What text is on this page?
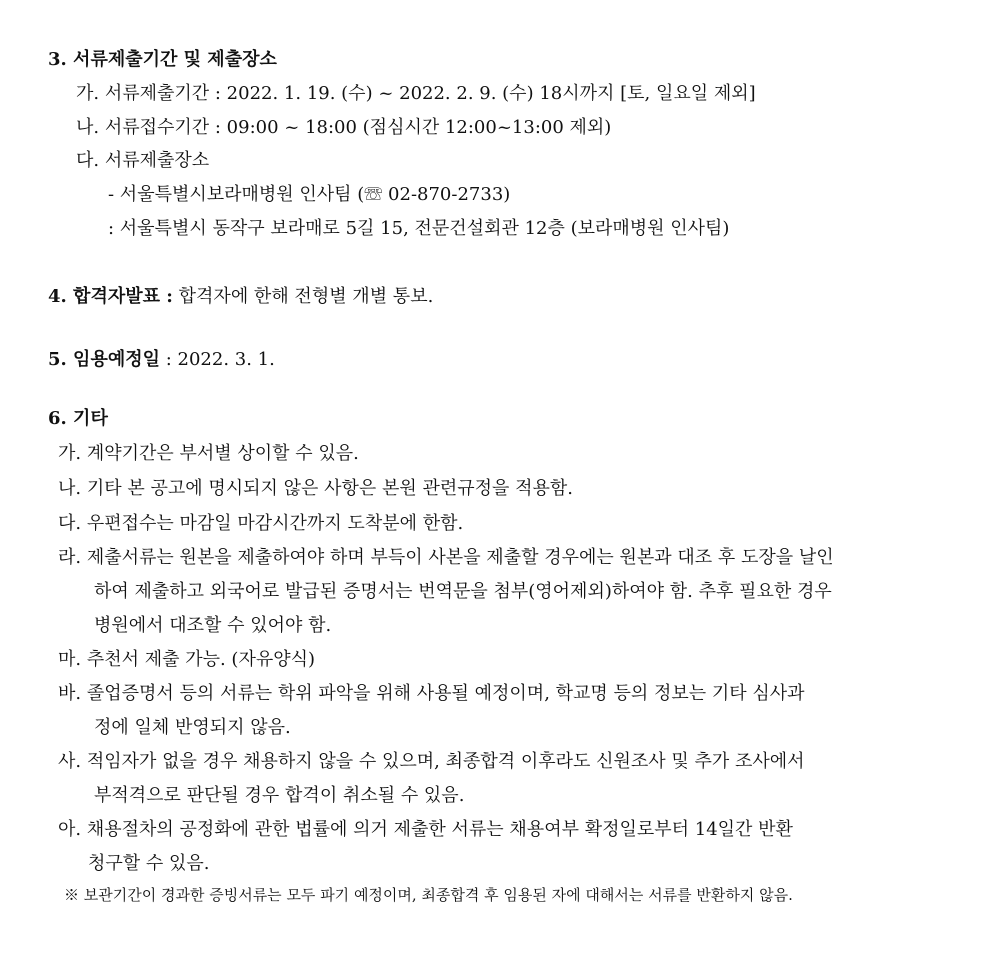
3. 서류제출기간 및 제출장소
가. 서류제출기간 : 2022. 1. 19. (수) ~ 2022. 2. 9. (수) 18시까지 [토, 일요일 제외]
나. 서류접수기간 : 09:00 ~ 18:00 (점심시간 12:00~13:00 제외)
다. 서류제출장소
- 서울특별시보라매병원 인사팀 (☏ 02-870-2733)
: 서울특별시 동작구 보라매로 5길 15, 전문건설회관 12층 (보라매병원 인사팀)
4. 합격자발표 : 합격자에 한해 전형별 개별 통보.
5. 임용예정일 : 2022. 3. 1.
6. 기타
가. 계약기간은 부서별 상이할 수 있음.
나. 기타 본 공고에 명시되지 않은 사항은 본원 관련규정을 적용함.
다. 우편접수는 마감일 마감시간까지 도착분에 한함.
라. 제출서류는 원본을 제출하여야 하며 부득이 사본을 제출할 경우에는 원본과 대조 후 도장을 날인
하여 제출하고 외국어로 발급된 증명서는 번역문을 첨부(영어제외)하여야 함. 추후 필요한 경우
병원에서 대조할 수 있어야 함.
마. 추천서 제출 가능. (자유양식)
바. 졸업증명서 등의 서류는 학위 파악을 위해 사용될 예정이며, 학교명 등의 정보는 기타 심사과
정에 일체 반영되지 않음.
사. 적임자가 없을 경우 채용하지 않을 수 있으며, 최종합격 이후라도 신원조사 및 추가 조사에서
부적격으로 판단될 경우 합격이 취소될 수 있음.
아. 채용절차의 공정화에 관한 법률에 의거 제출한 서류는 채용여부 확정일로부터 14일간 반환
청구할 수 있음.
※ 보관기간이 경과한 증빙서류는 모두 파기 예정이며, 최종합격 후 임용된 자에 대해서는 서류를 반환하지 않음.
